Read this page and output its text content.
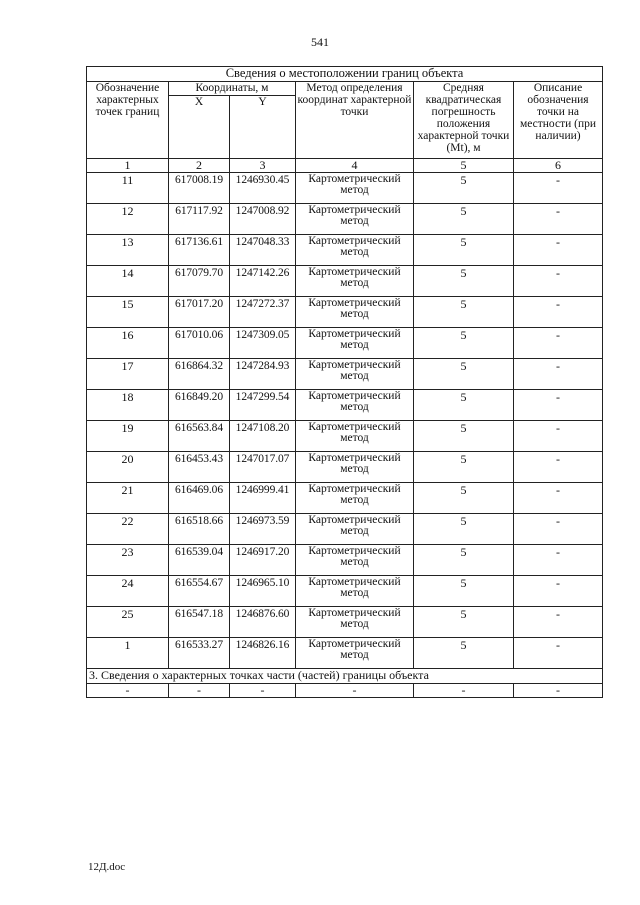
541
Сведения о местоположении границ объекта					
Обозначение характерных точек границ	Координаты, м		Метод определения координат характерной точки	Средняя квадратическая погрешность положения характерной точки (Mt), м	Описание обозначения точки на местности (при наличии)
	X	Y			
1	2	3	4	5	6
11	617008.19	1246930.45	Картометрический метод	5	-
12	617117.92	1247008.92	Картометрический метод	5	-
13	617136.61	1247048.33	Картометрический метод	5	-
14	617079.70	1247142.26	Картометрический метод	5	-
15	617017.20	1247272.37	Картометрический метод	5	-
16	617010.06	1247309.05	Картометрический метод	5	-
17	616864.32	1247284.93	Картометрический метод	5	-
18	616849.20	1247299.54	Картометрический метод	5	-
19	616563.84	1247108.20	Картометрический метод	5	-
20	616453.43	1247017.07	Картометрический метод	5	-
21	616469.06	1246999.41	Картометрический метод	5	-
22	616518.66	1246973.59	Картометрический метод	5	-
23	616539.04	1246917.20	Картометрический метод	5	-
24	616554.67	1246965.10	Картометрический метод	5	-
25	616547.18	1246876.60	Картометрический метод	5	-
1	616533.27	1246826.16	Картометрический метод	5	-
3. Сведения о характерных точках части (частей) границы объекта					
-	-	-	-	-	-
12Д.doc
